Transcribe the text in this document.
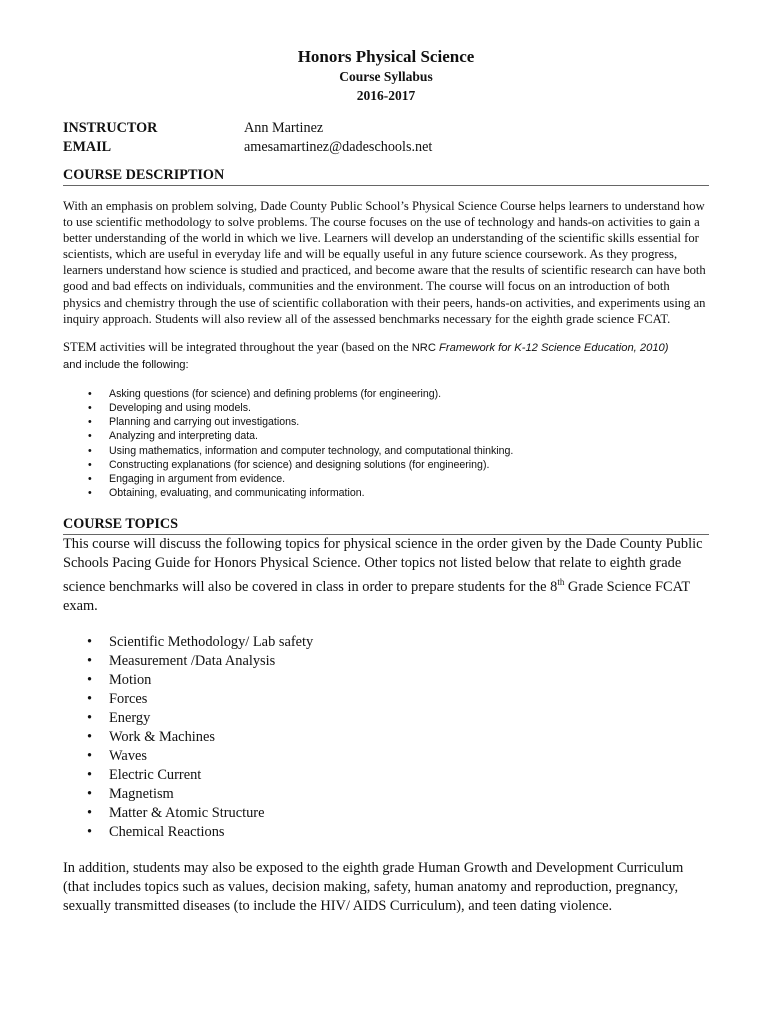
Honors Physical Science

Course Syllabus

2016-2017

INSTRUCTOR	Ann Martinez
EMAIL	amesamartinez@dadeschools.net
COURSE DESCRIPTION

With an emphasis on problem solving, Dade County Public School’s Physical Science Course helps learners to understand how to use scientific methodology to solve problems. The course focuses on the use of technology and hands-on activities to gain a better understanding of the world in which we live. Learners will develop an understanding of the scientific skills essential for scientists, which are useful in everyday life and will be equally useful in any future science coursework. As they progress, learners understand how science is studied and practiced, and become aware that the results of scientific research can have both good and bad effects on individuals, communities and the environment. The course will focus on an introduction of both physics and chemistry through the use of scientific collaboration with their peers, hands-on activities, and experiments using an inquiry approach. Students will also review all of the assessed benchmarks necessary for the eighth grade science FCAT.

STEM activities will be integrated throughout the year (based on the NRC Framework for K-12 Science Education, 2010)
and include the following:

• Asking questions (for science) and defining problems (for engineering).
• Developing and using models.
• Planning and carrying out investigations.
• Analyzing and interpreting data.
• Using mathematics, information and computer technology, and computational thinking.
• Constructing explanations (for science) and designing solutions (for engineering).
• Engaging in argument from evidence.
• Obtaining, evaluating, and communicating information.
COURSE TOPICS

This course will discuss the following topics for physical science in the order given by the Dade County Public Schools Pacing Guide for Honors Physical Science. Other topics not listed below that relate to eighth grade science benchmarks will also be covered in class in order to prepare students for the 8th Grade Science FCAT exam.

• Scientific Methodology/ Lab safety
• Measurement /Data Analysis
• Motion
• Forces
• Energy
• Work & Machines
• Waves
• Electric Current
• Magnetism
• Matter & Atomic Structure
• Chemical Reactions

In addition, students may also be exposed to the eighth grade Human Growth and Development Curriculum (that includes topics such as values, decision making, safety, human anatomy and reproduction, pregnancy, sexually transmitted diseases (to include the HIV/ AIDS Curriculum), and teen dating violence.
